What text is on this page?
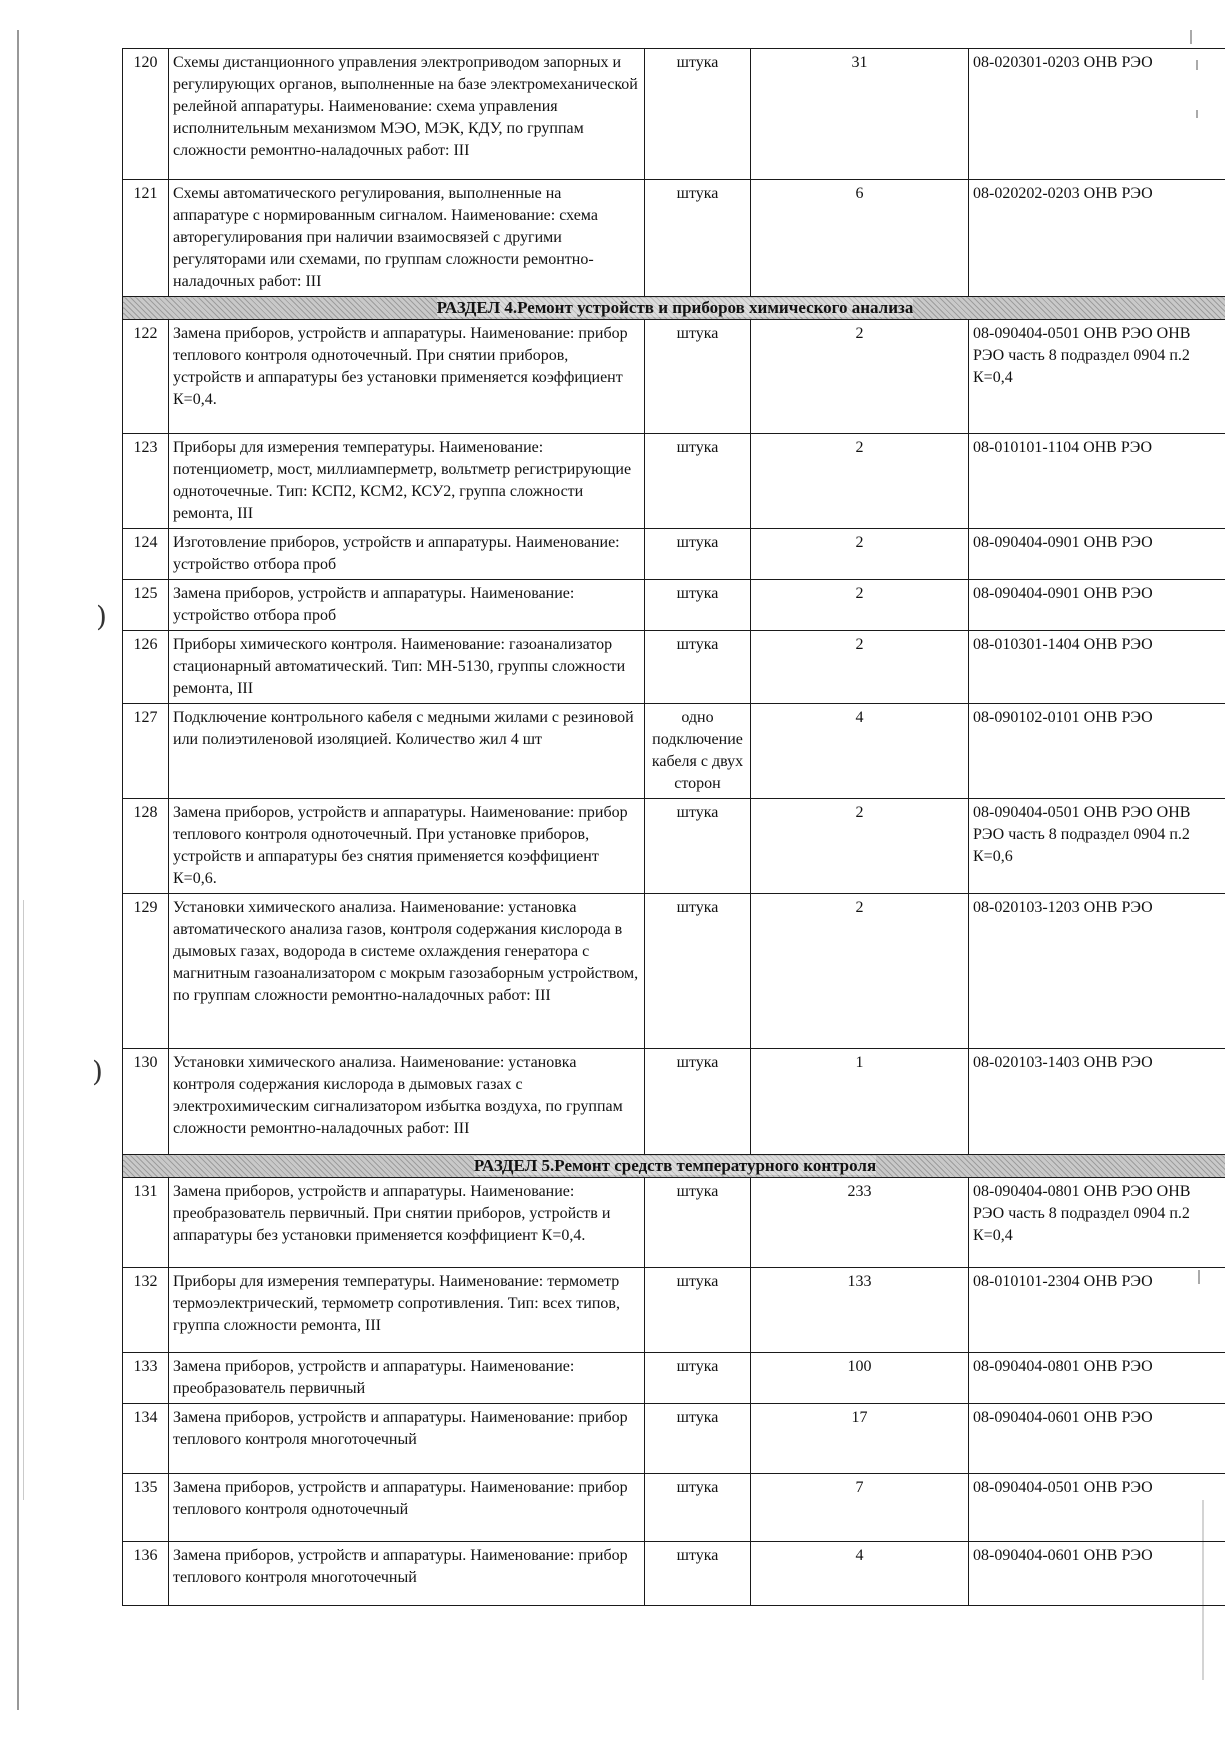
)
)
120	Схемы дистанционного управления электроприводом запорных и регулирующих органов, выполненные на базе электромеханической релейной аппаратуры. Наименование: схема управления исполнительным механизмом МЭО, МЭК, КДУ, по группам сложности ремонтно-наладочных работ: III	штука	31	08-020301-0203 ОНВ РЭО
121	Схемы автоматического регулирования, выполненные на аппаратуре с нормированным сигналом. Наименование: схема авторегулирования при наличии взаимосвязей с другими регуляторами или схемами, по группам сложности ремонтно-наладочных работ: III	штука	6	08-020202-0203 ОНВ РЭО
РАЗДЕЛ 4.Ремонт устройств и приборов химического анализа				
122	Замена приборов, устройств и аппаратуры. Наименование: прибор теплового контроля одноточечный. При снятии приборов, устройств и аппаратуры без установки применяется коэффициент К=0,4.	штука	2	08-090404-0501 ОНВ РЭО ОНВ РЭО часть 8 подраздел 0904 п.2 К=0,4
123	Приборы для измерения температуры. Наименование: потенциометр, мост, миллиамперметр, вольтметр регистрирующие одноточечные. Тип: КСП2, КСМ2, КСУ2, группа сложности ремонта, III	штука	2	08-010101-1104 ОНВ РЭО
124	Изготовление приборов, устройств и аппаратуры. Наименование: устройство отбора проб	штука	2	08-090404-0901 ОНВ РЭО
125	Замена приборов, устройств и аппаратуры. Наименование: устройство отбора проб	штука	2	08-090404-0901 ОНВ РЭО
126	Приборы химического контроля. Наименование: газоанализатор стационарный автоматический. Тип: МН-5130, группы сложности ремонта, III	штука	2	08-010301-1404 ОНВ РЭО
127	Подключение контрольного кабеля с медными жилами с резиновой или полиэтиленовой изоляцией. Количество жил 4 шт	одно подключение кабеля с двух сторон	4	08-090102-0101 ОНВ РЭО
128	Замена приборов, устройств и аппаратуры. Наименование: прибор теплового контроля одноточечный. При установке приборов, устройств и аппаратуры без снятия применяется коэффициент К=0,6.	штука	2	08-090404-0501 ОНВ РЭО ОНВ РЭО часть 8 подраздел 0904 п.2 К=0,6
129	Установки химического анализа. Наименование: установка автоматического анализа газов, контроля содержания кислорода в дымовых газах, водорода в системе охлаждения генератора с магнитным газоанализатором с мокрым газозаборным устройством, по группам сложности ремонтно-наладочных работ: III	штука	2	08-020103-1203 ОНВ РЭО
130	Установки химического анализа. Наименование: установка контроля содержания кислорода в дымовых газах с электрохимическим сигнализатором избытка воздуха, по группам сложности ремонтно-наладочных работ: III	штука	1	08-020103-1403 ОНВ РЭО
РАЗДЕЛ 5.Ремонт средств температурного контроля				
131	Замена приборов, устройств и аппаратуры. Наименование: преобразователь первичный. При снятии приборов, устройств и аппаратуры без установки применяется коэффициент К=0,4.	штука	233	08-090404-0801 ОНВ РЭО ОНВ РЭО часть 8 подраздел 0904 п.2 К=0,4
132	Приборы для измерения температуры. Наименование: термометр термоэлектрический, термометр сопротивления. Тип: всех типов, группа сложности ремонта, III	штука	133	08-010101-2304 ОНВ РЭО
133	Замена приборов, устройств и аппаратуры. Наименование: преобразователь первичный	штука	100	08-090404-0801 ОНВ РЭО
134	Замена приборов, устройств и аппаратуры. Наименование: прибор теплового контроля многоточечный	штука	17	08-090404-0601 ОНВ РЭО
135	Замена приборов, устройств и аппаратуры. Наименование: прибор теплового контроля одноточечный	штука	7	08-090404-0501 ОНВ РЭО
136	Замена приборов, устройств и аппаратуры. Наименование: прибор теплового контроля многоточечный	штука	4	08-090404-0601 ОНВ РЭО
